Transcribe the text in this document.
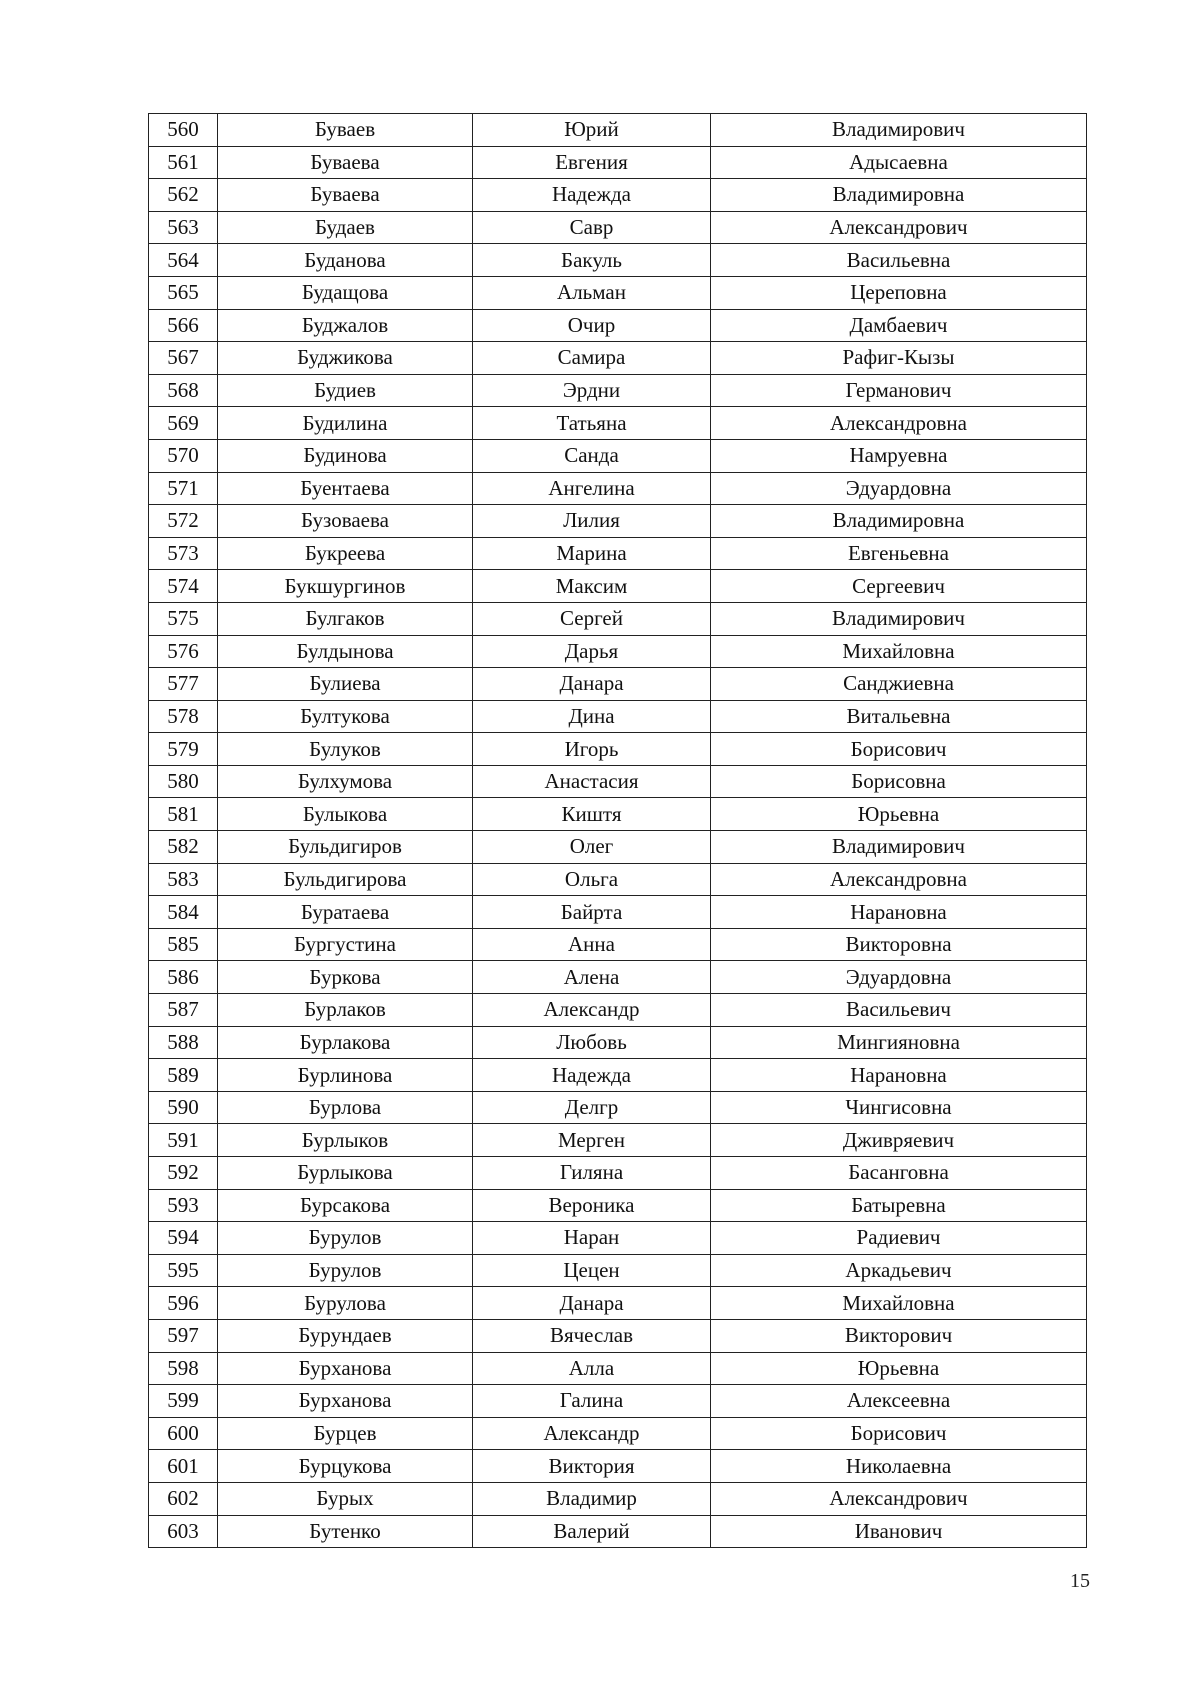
560	Буваев	Юрий	Владимирович
561	Буваева	Евгения	Адысаевна
562	Буваева	Надежда	Владимировна
563	Будаев	Савр	Александрович
564	Буданова	Бакуль	Васильевна
565	Будащова	Альман	Цереповна
566	Буджалов	Очир	Дамбаевич
567	Буджикова	Самира	Рафиг-Кызы
568	Будиев	Эрдни	Германович
569	Будилина	Татьяна	Александровна
570	Будинова	Санда	Намруевна
571	Буентаева	Ангелина	Эдуардовна
572	Бузоваева	Лилия	Владимировна
573	Букреева	Марина	Евгеньевна
574	Букшургинов	Максим	Сергеевич
575	Булгаков	Сергей	Владимирович
576	Булдынова	Дарья	Михайловна
577	Булиева	Данара	Санджиевна
578	Бултукова	Дина	Витальевна
579	Булуков	Игорь	Борисович
580	Булхумова	Анастасия	Борисовна
581	Булыкова	Киштя	Юрьевна
582	Бульдигиров	Олег	Владимирович
583	Бульдигирова	Ольга	Александровна
584	Буратаева	Байрта	Нарановна
585	Бургустина	Анна	Викторовна
586	Буркова	Алена	Эдуардовна
587	Бурлаков	Александр	Васильевич
588	Бурлакова	Любовь	Мингияновна
589	Бурлинова	Надежда	Нарановна
590	Бурлова	Делгр	Чингисовна
591	Бурлыков	Мерген	Дживряевич
592	Бурлыкова	Гиляна	Басанговна
593	Бурсакова	Вероника	Батыревна
594	Бурулов	Наран	Радиевич
595	Бурулов	Цецен	Аркадьевич
596	Бурулова	Данара	Михайловна
597	Бурундаев	Вячеслав	Викторович
598	Бурханова	Алла	Юрьевна
599	Бурханова	Галина	Алексеевна
600	Бурцев	Александр	Борисович
601	Бурцукова	Виктория	Николаевна
602	Бурых	Владимир	Александрович
603	Бутенко	Валерий	Иванович
15
